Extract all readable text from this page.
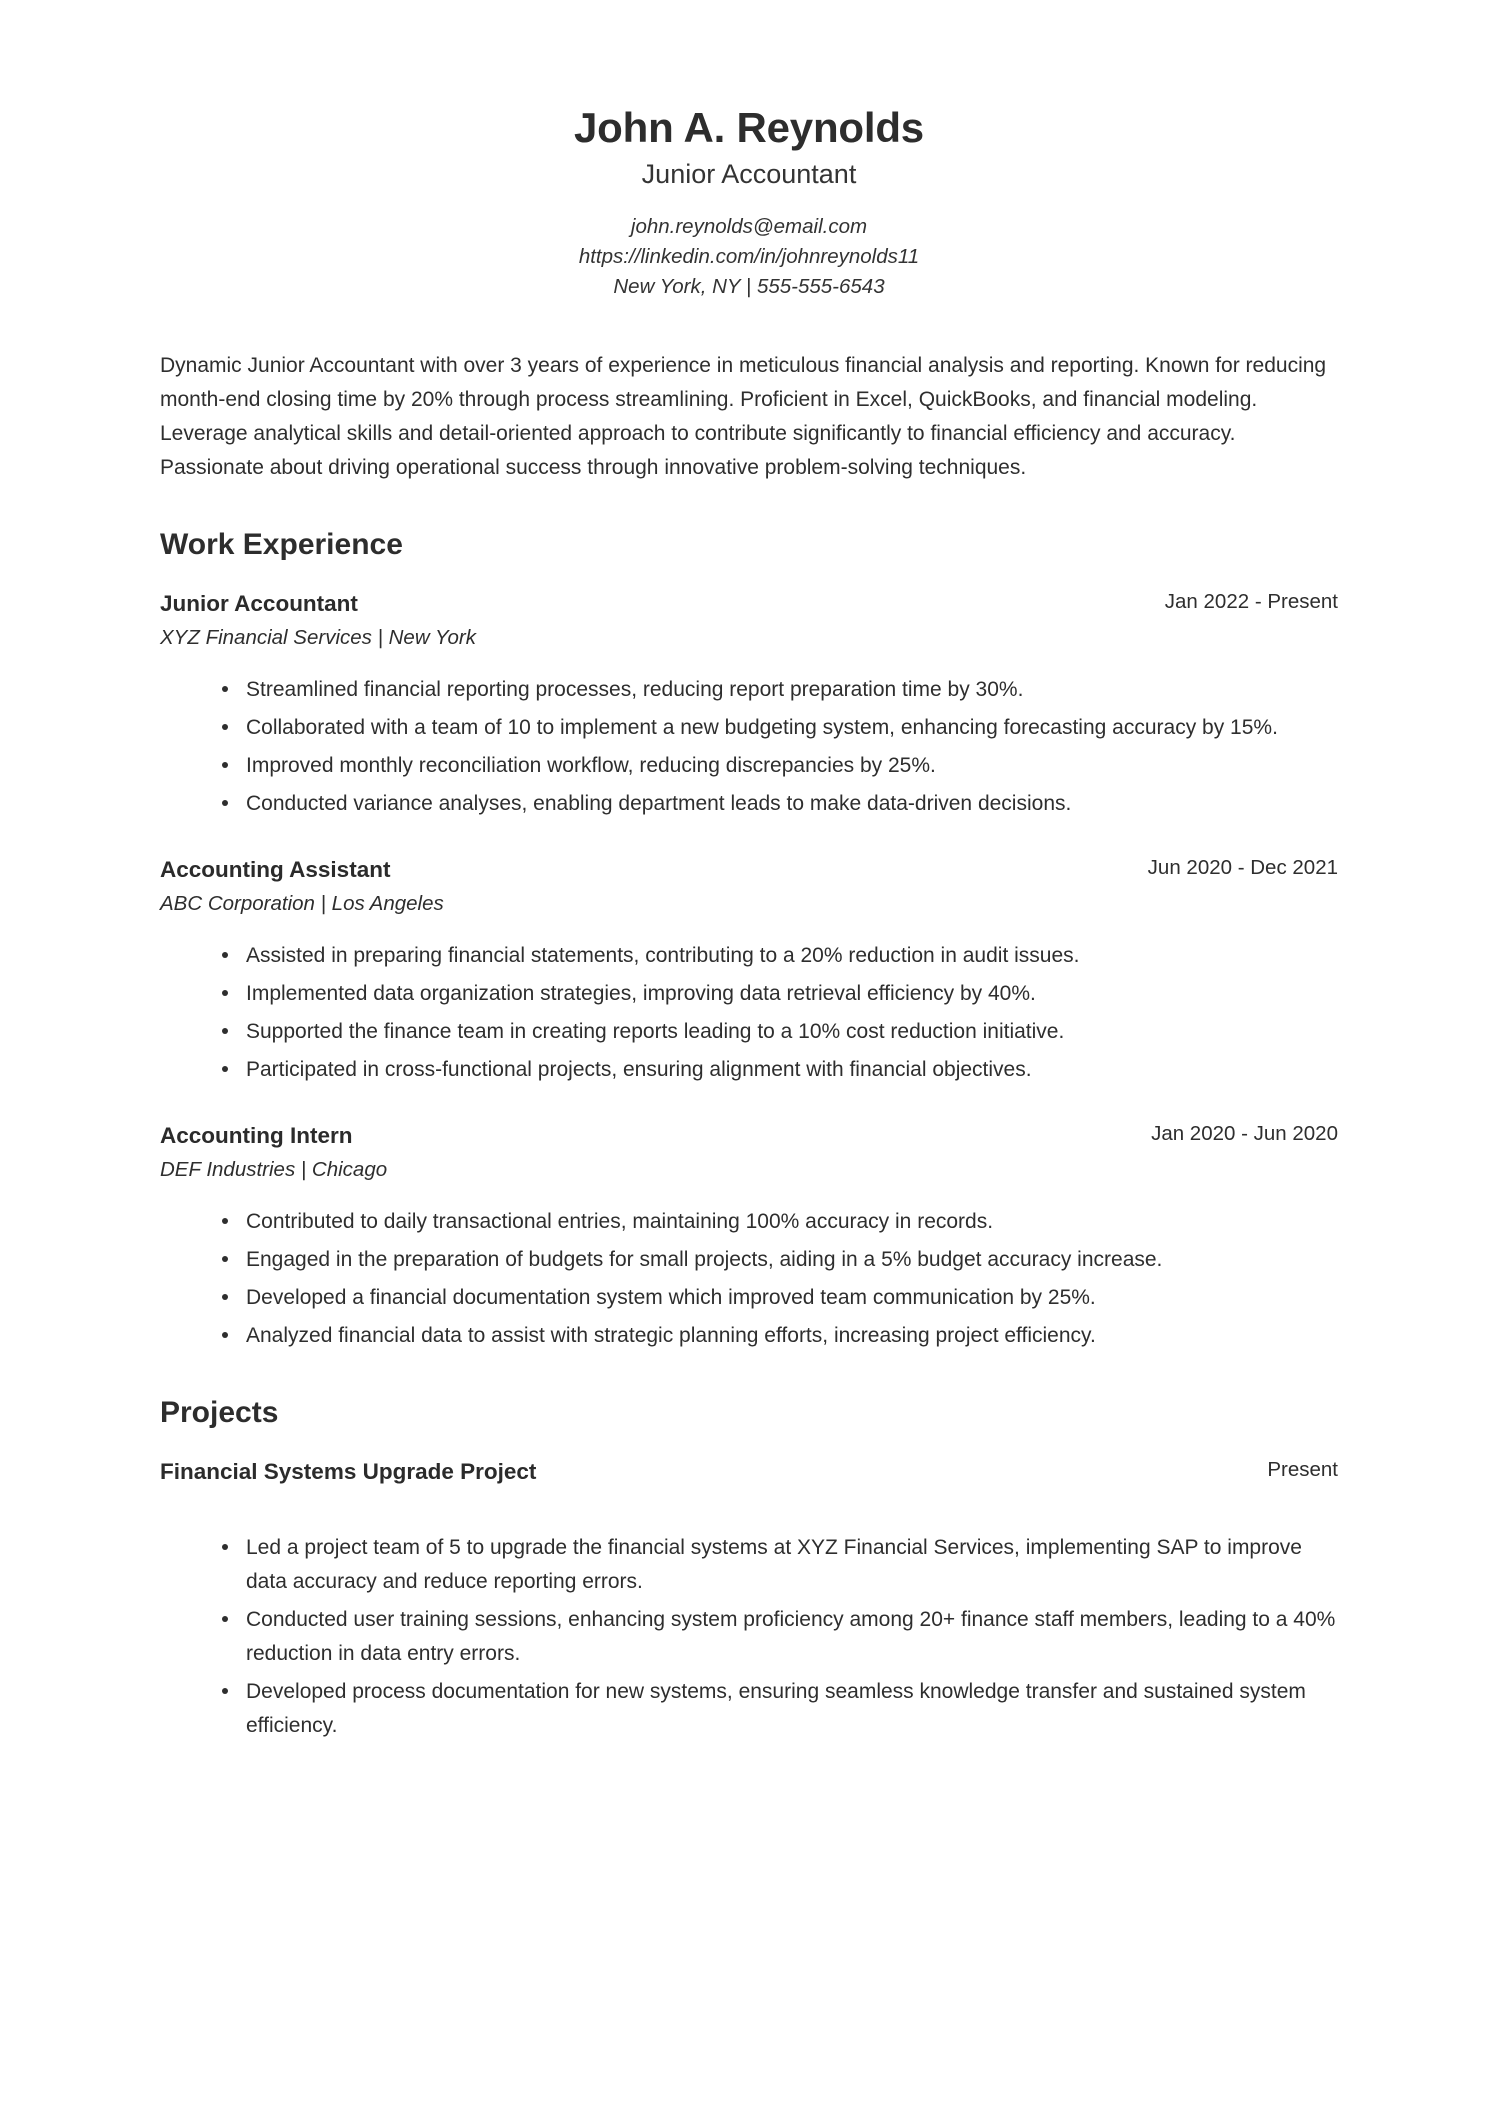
John A. Reynolds
Junior Accountant
john.reynolds@email.com
https://linkedin.com/in/johnreynolds11
New York, NY | 555-555-6543

Dynamic Junior Accountant with over 3 years of experience in meticulous financial analysis and reporting. Known for reducing month-end closing time by 20% through process streamlining. Proficient in Excel, QuickBooks, and financial modeling. Leverage analytical skills and detail-oriented approach to contribute significantly to financial efficiency and accuracy. Passionate about driving operational success through innovative problem-solving techniques.

Work Experience
Junior Accountant	Jan 2022 - Present
XYZ Financial Services | New York
Streamlined financial reporting processes, reducing report preparation time by 30%.
Collaborated with a team of 10 to implement a new budgeting system, enhancing forecasting accuracy by 15%.
Improved monthly reconciliation workflow, reducing discrepancies by 25%.
Conducted variance analyses, enabling department leads to make data-driven decisions.
Accounting Assistant	Jun 2020 - Dec 2021
ABC Corporation | Los Angeles
Assisted in preparing financial statements, contributing to a 20% reduction in audit issues.
Implemented data organization strategies, improving data retrieval efficiency by 40%.
Supported the finance team in creating reports leading to a 10% cost reduction initiative.
Participated in cross-functional projects, ensuring alignment with financial objectives.
Accounting Intern	Jan 2020 - Jun 2020
DEF Industries | Chicago
Contributed to daily transactional entries, maintaining 100% accuracy in records.
Engaged in the preparation of budgets for small projects, aiding in a 5% budget accuracy increase.
Developed a financial documentation system which improved team communication by 25%.
Analyzed financial data to assist with strategic planning efforts, increasing project efficiency.
Projects
Financial Systems Upgrade Project	Present
Led a project team of 5 to upgrade the financial systems at XYZ Financial Services, implementing SAP to improve data accuracy and reduce reporting errors.
Conducted user training sessions, enhancing system proficiency among 20+ finance staff members, leading to a 40% reduction in data entry errors.
Developed process documentation for new systems, ensuring seamless knowledge transfer and sustained system efficiency.
